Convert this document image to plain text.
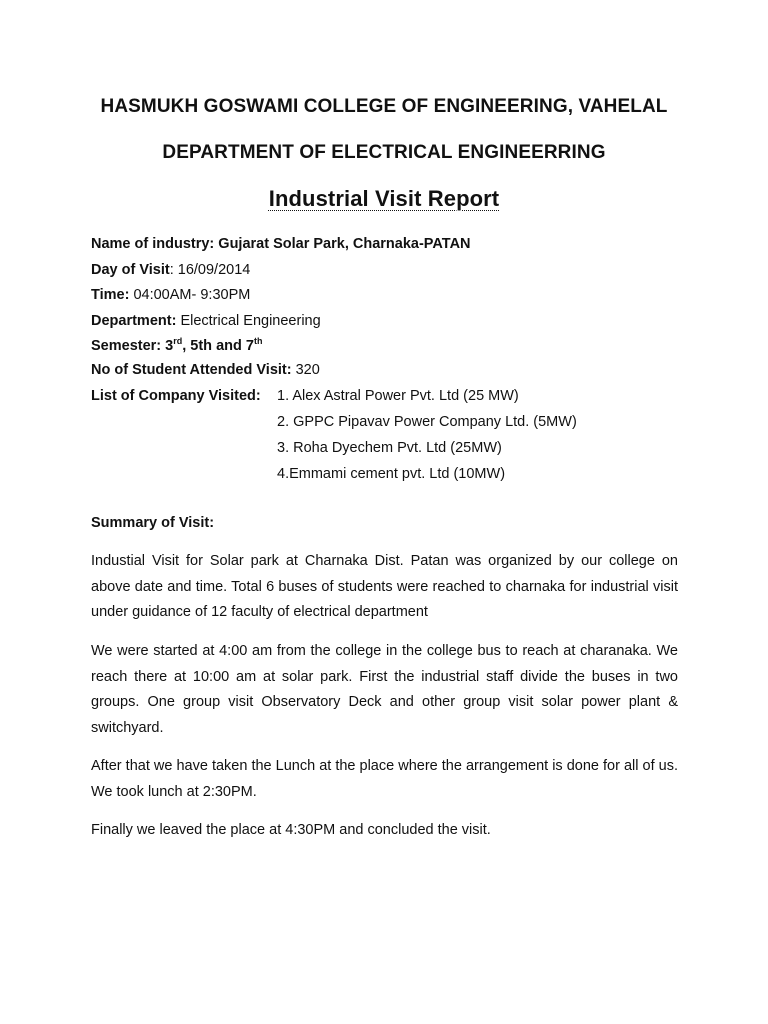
HASMUKH GOSWAMI COLLEGE OF ENGINEERING, VAHELAL
DEPARTMENT OF ELECTRICAL ENGINEERRING
Industrial Visit Report
Name of industry: Gujarat Solar Park, Charnaka-PATAN
Day of Visit: 16/09/2014
Time: 04:00AM- 9:30PM
Department: Electrical Engineering
Semester: 3rd, 5th and 7th
No of Student Attended Visit: 320
List of Company Visited: 1. Alex Astral Power Pvt. Ltd (25 MW)
2. GPPC Pipavav Power Company Ltd. (5MW)
3. Roha Dyechem Pvt. Ltd (25MW)
4.Emmami cement pvt. Ltd (10MW)
Summary of Visit:
Industial Visit for Solar park at Charnaka Dist. Patan was organized by our college on above date and time. Total 6 buses of students were reached to charnaka for industrial visit under guidance of 12 faculty of electrical department
We were started at 4:00 am from the college in the college bus to reach at charanaka. We reach there at 10:00 am at solar park. First the industrial staff divide the buses in two groups. One group visit Observatory Deck and other group visit solar power plant & switchyard.
After that we have taken the Lunch at the place where the arrangement is done for all of us. We took lunch at 2:30PM.
Finally we leaved the place at 4:30PM and concluded the visit.
